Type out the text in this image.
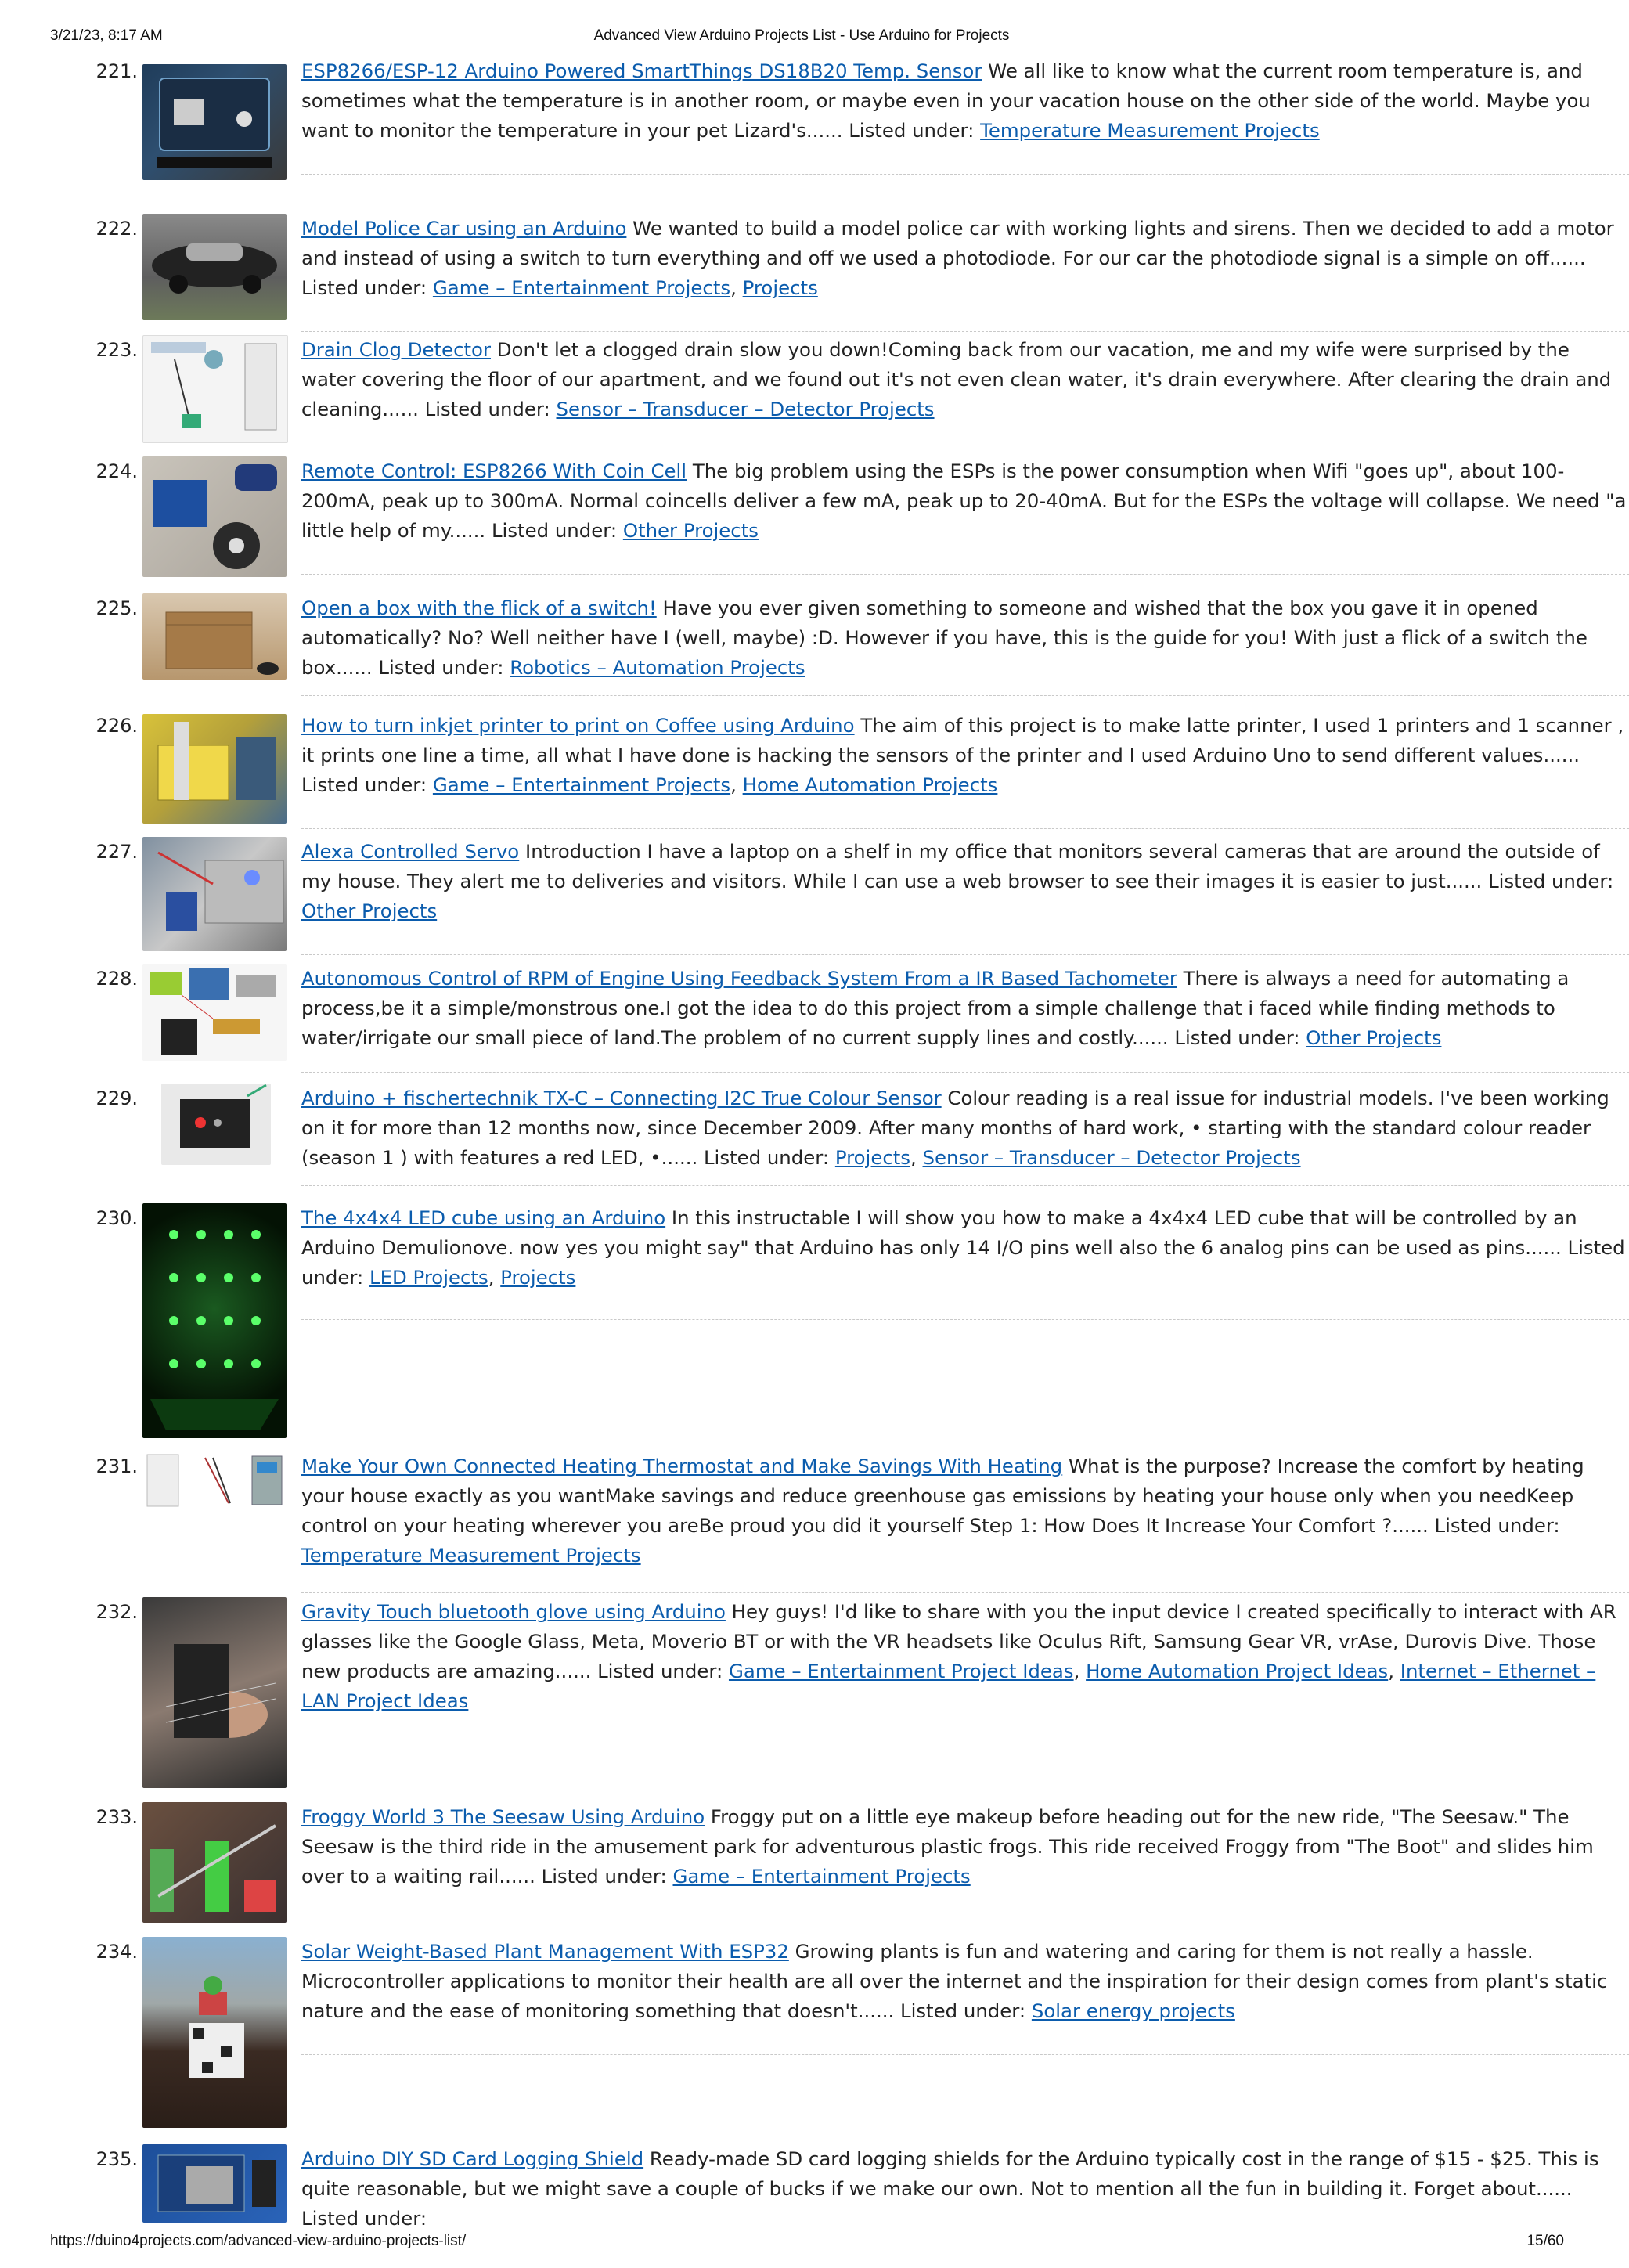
3/21/23, 8:17 AM	Advanced View Arduino Projects List - Use Arduino for Projects
221.	ESP8266/ESP-12 Arduino Powered SmartThings DS18B20 Temp. Sensor We all like to know what the current room temperature is, and sometimes what the temperature is in another room, or maybe even in your vacation house on the other side of the world. Maybe you want to monitor the temperature in your pet Lizard's...... Listed under: Temperature Measurement Projects
222.	Model Police Car using an Arduino We wanted to build a model police car with working lights and sirens. Then we decided to add a motor and instead of using a switch to turn everything and off we used a photodiode. For our car the photodiode signal is a simple on off...... Listed under: Game – Entertainment Projects, Projects
223.	Drain Clog Detector Don't let a clogged drain slow you down!Coming back from our vacation, me and my wife were surprised by the water covering the floor of our apartment, and we found out it's not even clean water, it's drain everywhere. After clearing the drain and cleaning...... Listed under: Sensor – Transducer – Detector Projects
224.	Remote Control: ESP8266 With Coin Cell The big problem using the ESPs is the power consumption when Wifi "goes up", about 100-200mA, peak up to 300mA. Normal coincells deliver a few mA, peak up to 20-40mA. But for the ESPs the voltage will collapse. We need "a little help of my...... Listed under: Other Projects
225.	Open a box with the flick of a switch! Have you ever given something to someone and wished that the box you gave it in opened automatically? No? Well neither have I (well, maybe) :D. However if you have, this is the guide for you! With just a flick of a switch the box...... Listed under: Robotics – Automation Projects
226.	How to turn inkjet printer to print on Coffee using Arduino The aim of this project is to make latte printer, I used 1 printers and 1 scanner , it prints one line a time, all what I have done is hacking the sensors of the printer and I used Arduino Uno to send different values...... Listed under: Game – Entertainment Projects, Home Automation Projects
227.	Alexa Controlled Servo Introduction I have a laptop on a shelf in my office that monitors several cameras that are around the outside of my house. They alert me to deliveries and visitors. While I can use a web browser to see their images it is easier to just...... Listed under: Other Projects
228.	Autonomous Control of RPM of Engine Using Feedback System From a IR Based Tachometer There is always a need for automating a process,be it a simple/monstrous one.I got the idea to do this project from a simple challenge that i faced while finding methods to water/irrigate our small piece of land.The problem of no current supply lines and costly...... Listed under: Other Projects
229.	Arduino + fischertechnik TX-C – Connecting I2C True Colour Sensor Colour reading is a real issue for industrial models. I've been working on it for more than 12 months now, since December 2009. After many months of hard work, • starting with the standard colour reader (season 1 ) with features a red LED, •...... Listed under: Projects, Sensor – Transducer – Detector Projects
230.	The 4x4x4 LED cube using an Arduino In this instructable I will show you how to make a 4x4x4 LED cube that will be controlled by an Arduino Demulionove. now yes you might say" that Arduino has only 14 I/O pins well also the 6 analog pins can be used as pins...... Listed under: LED Projects, Projects
231.	Make Your Own Connected Heating Thermostat and Make Savings With Heating What is the purpose? Increase the comfort by heating your house exactly as you wantMake savings and reduce greenhouse gas emissions by heating your house only when you needKeep control on your heating wherever you areBe proud you did it yourself Step 1: How Does It Increase Your Comfort ?...... Listed under: Temperature Measurement Projects
232.	Gravity Touch bluetooth glove using Arduino Hey guys! I'd like to share with you the input device I created specifically to interact with AR glasses like the Google Glass, Meta, Moverio BT or with the VR headsets like Oculus Rift, Samsung Gear VR, vrAse, Durovis Dive. Those new products are amazing...... Listed under: Game – Entertainment Project Ideas, Home Automation Project Ideas, Internet – Ethernet – LAN Project Ideas
233.	Froggy World 3 The Seesaw Using Arduino Froggy put on a little eye makeup before heading out for the new ride, "The Seesaw." The Seesaw is the third ride in the amusement park for adventurous plastic frogs. This ride received Froggy from "The Boot" and slides him over to a waiting rail...... Listed under: Game – Entertainment Projects
234.	Solar Weight-Based Plant Management With ESP32 Growing plants is fun and watering and caring for them is not really a hassle. Microcontroller applications to monitor their health are all over the internet and the inspiration for their design comes from plant's static nature and the ease of monitoring something that doesn't...... Listed under: Solar energy projects
235.	Arduino DIY SD Card Logging Shield Ready-made SD card logging shields for the Arduino typically cost in the range of $15 - $25. This is quite reasonable, but we might save a couple of bucks if we make our own. Not to mention all the fun in building it. Forget about...... Listed under:
https://duino4projects.com/advanced-view-arduino-projects-list/	15/60
